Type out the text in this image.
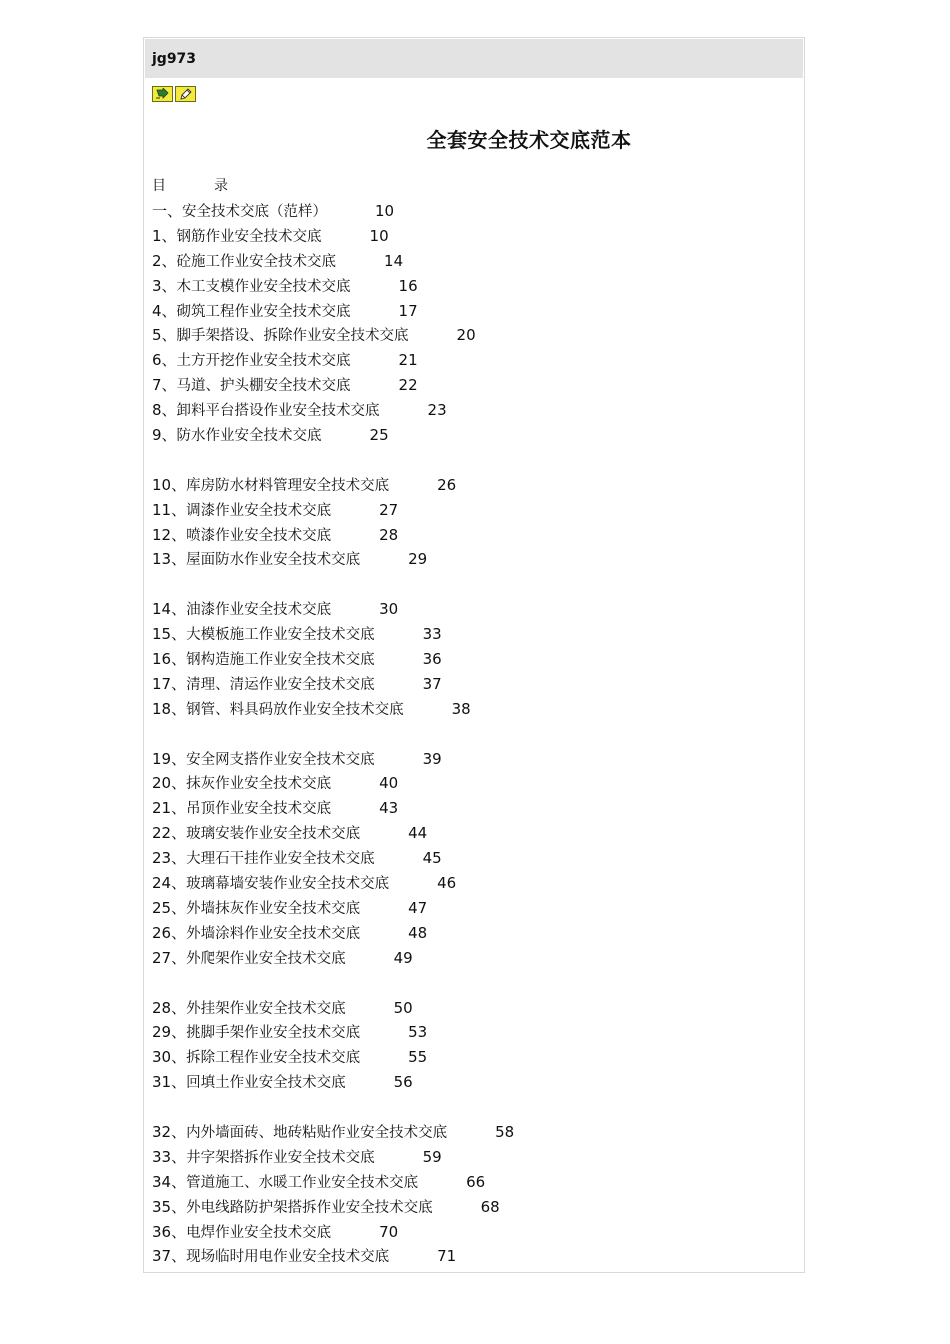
jg973
全套安全技术交底范本
目	录
一、安全技术交底（范样）	10
1、钢筋作业安全技术交底	10
2、砼施工作业安全技术交底	14
3、木工支模作业安全技术交底	16
4、砌筑工程作业安全技术交底	17
5、脚手架搭设、拆除作业安全技术交底	20
6、土方开挖作业安全技术交底	21
7、马道、护头棚安全技术交底	22
8、卸料平台搭设作业安全技术交底	23
9、防水作业安全技术交底	25
10、库房防水材料管理安全技术交底	26
11、调漆作业安全技术交底	27
12、喷漆作业安全技术交底	28
13、屋面防水作业安全技术交底	29
14、油漆作业安全技术交底	30
15、大模板施工作业安全技术交底	33
16、钢构造施工作业安全技术交底	36
17、清理、清运作业安全技术交底	37
18、钢管、料具码放作业安全技术交底	38
19、安全网支搭作业安全技术交底	39
20、抹灰作业安全技术交底	40
21、吊顶作业安全技术交底	43
22、玻璃安装作业安全技术交底	44
23、大理石干挂作业安全技术交底	45
24、玻璃幕墙安装作业安全技术交底	46
25、外墙抹灰作业安全技术交底	47
26、外墙涂料作业安全技术交底	48
27、外爬架作业安全技术交底	49
28、外挂架作业安全技术交底	50
29、挑脚手架作业安全技术交底	53
30、拆除工程作业安全技术交底	55
31、回填土作业安全技术交底	56
32、内外墙面砖、地砖粘贴作业安全技术交底	58
33、井字架搭拆作业安全技术交底	59
34、管道施工、水暖工作业安全技术交底	66
35、外电线路防护架搭拆作业安全技术交底	68
36、电焊作业安全技术交底	70
37、现场临时用电作业安全技术交底	71
